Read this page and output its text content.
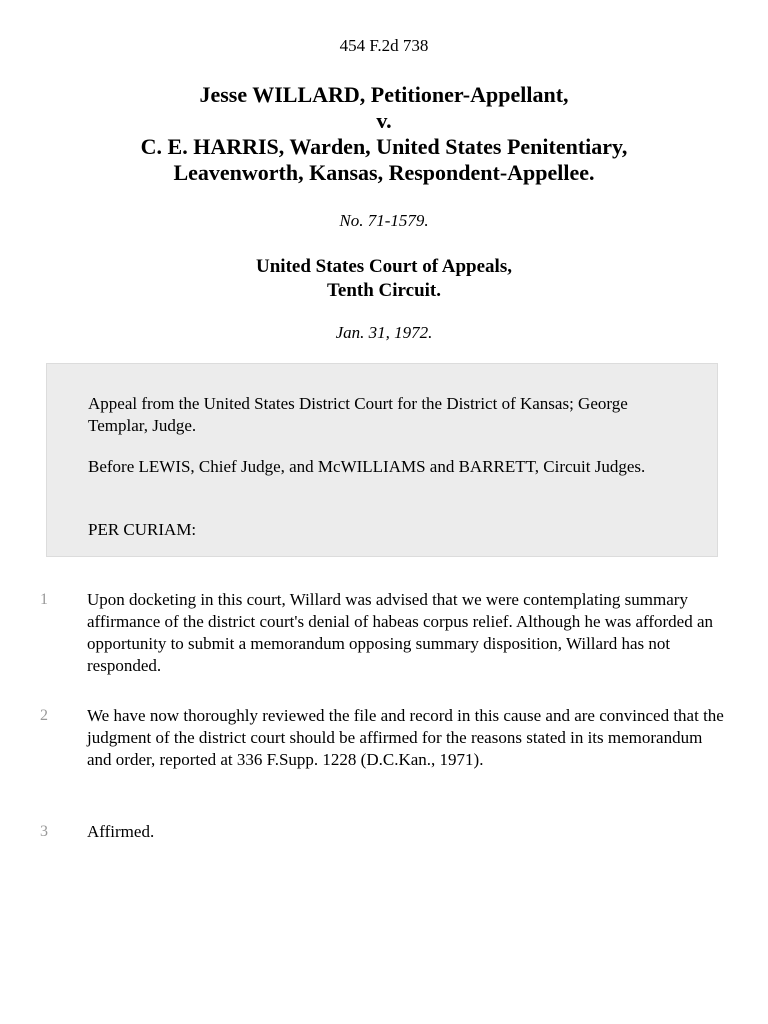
454 F.2d 738
Jesse WILLARD, Petitioner-Appellant,
v.
C. E. HARRIS, Warden, United States Penitentiary,
Leavenworth, Kansas, Respondent-Appellee.
No. 71-1579.
United States Court of Appeals,
Tenth Circuit.
Jan. 31, 1972.

Appeal from the United States District Court for the District of Kansas; George Templar, Judge.

Before LEWIS, Chief Judge, and McWILLIAMS and BARRETT, Circuit Judges.

PER CURIAM:

1	Upon docketing in this court, Willard was advised that we were contemplating summary affirmance of the district court's denial of habeas corpus relief. Although he was afforded an opportunity to submit a memorandum opposing summary disposition, Willard has not responded.

2	We have now thoroughly reviewed the file and record in this cause and are convinced that the judgment of the district court should be affirmed for the reasons stated in its memorandum and order, reported at 336 F.Supp. 1228 (D.C.Kan., 1971).

3	Affirmed.
